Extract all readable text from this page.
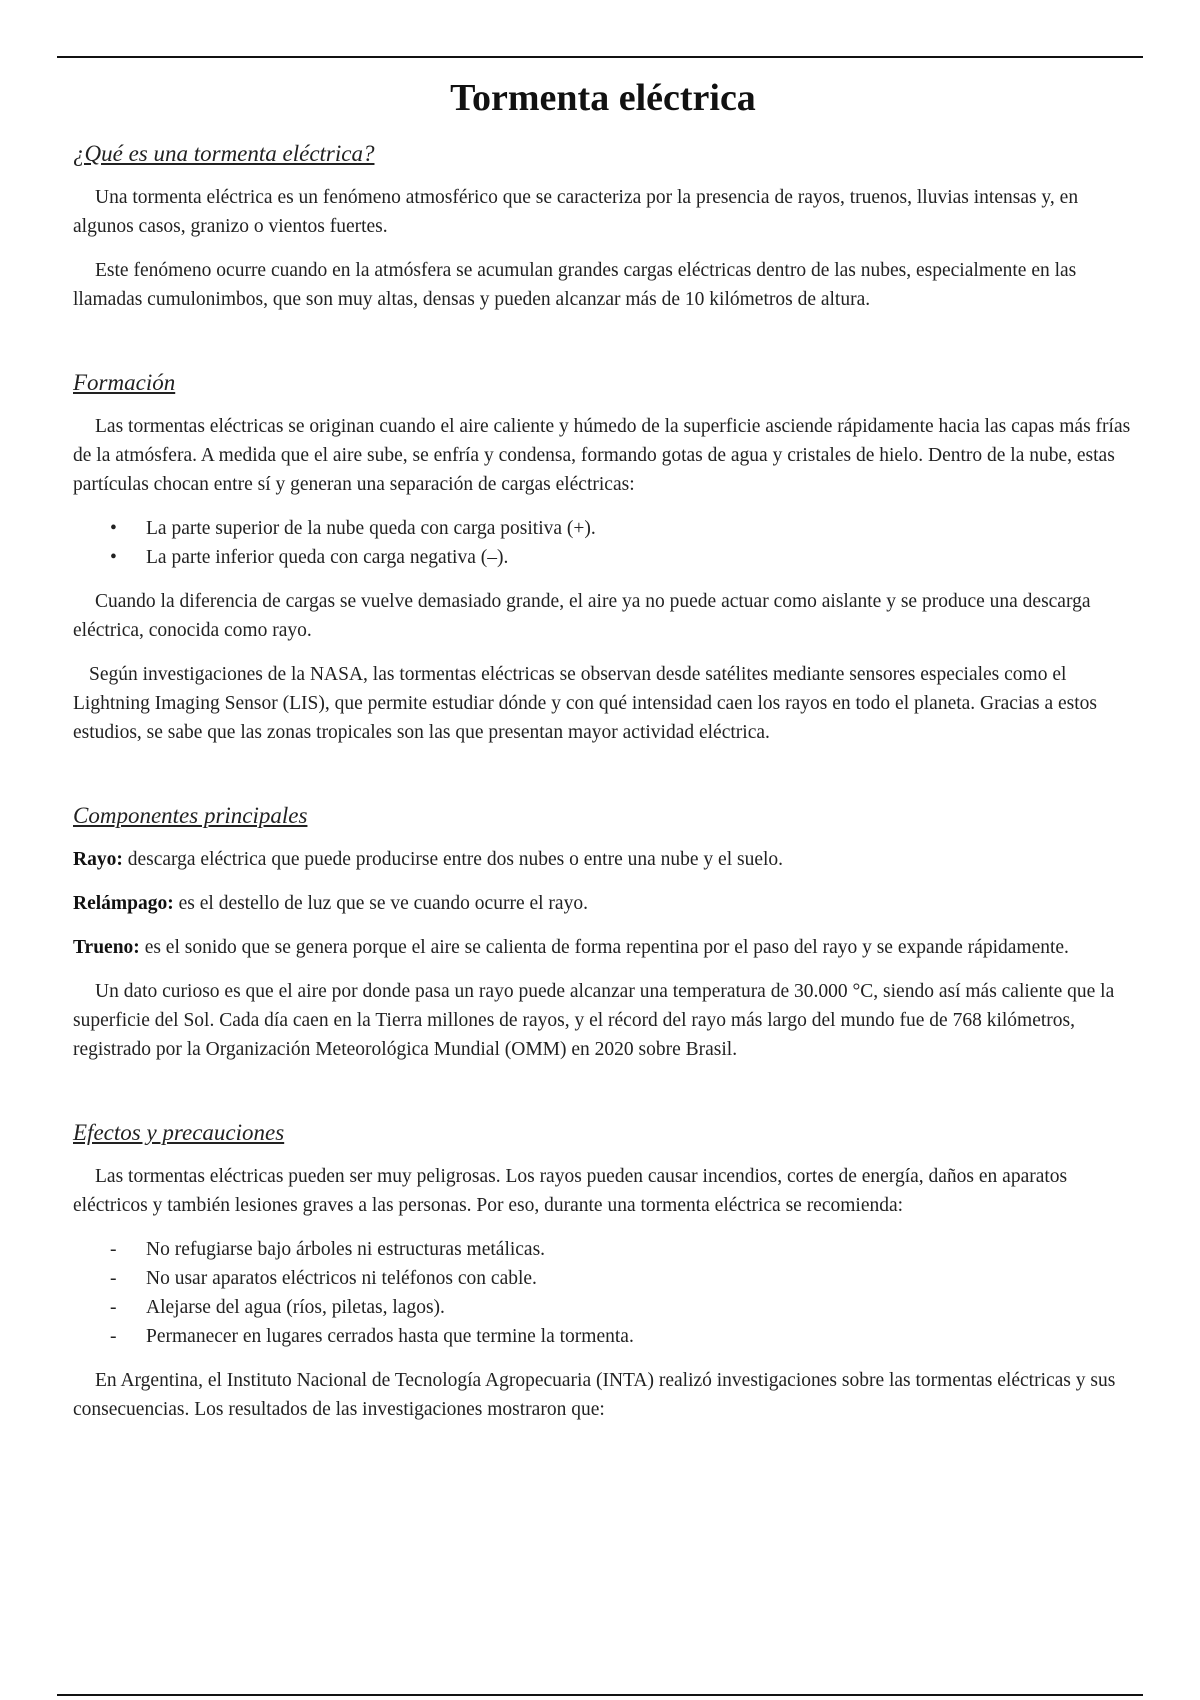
Tormenta eléctrica
¿Qué es una tormenta eléctrica?

Una tormenta eléctrica es un fenómeno atmosférico que se caracteriza por la presencia de rayos, truenos, lluvias intensas y, en algunos casos, granizo o vientos fuertes.

Este fenómeno ocurre cuando en la atmósfera se acumulan grandes cargas eléctricas dentro de las nubes, especialmente en las llamadas cumulonimbos, que son muy altas, densas y pueden alcanzar más de 10 kilómetros de altura.

Formación

Las tormentas eléctricas se originan cuando el aire caliente y húmedo de la superficie asciende rápidamente hacia las capas más frías de la atmósfera. A medida que el aire sube, se enfría y condensa, formando gotas de agua y cristales de hielo. Dentro de la nube, estas partículas chocan entre sí y generan una separación de cargas eléctricas:

• La parte superior de la nube queda con carga positiva (+).
• La parte inferior queda con carga negativa (–).

Cuando la diferencia de cargas se vuelve demasiado grande, el aire ya no puede actuar como aislante y se produce una descarga eléctrica, conocida como rayo.

Según investigaciones de la NASA, las tormentas eléctricas se observan desde satélites mediante sensores especiales como el Lightning Imaging Sensor (LIS), que permite estudiar dónde y con qué intensidad caen los rayos en todo el planeta. Gracias a estos estudios, se sabe que las zonas tropicales son las que presentan mayor actividad eléctrica.

Componentes principales

Rayo: descarga eléctrica que puede producirse entre dos nubes o entre una nube y el suelo.

Relámpago: es el destello de luz que se ve cuando ocurre el rayo.

Trueno: es el sonido que se genera porque el aire se calienta de forma repentina por el paso del rayo y se expande rápidamente.

Un dato curioso es que el aire por donde pasa un rayo puede alcanzar una temperatura de 30.000 °C, siendo así más caliente que la superficie del Sol. Cada día caen en la Tierra millones de rayos, y el récord del rayo más largo del mundo fue de 768 kilómetros, registrado por la Organización Meteorológica Mundial (OMM) en 2020 sobre Brasil.

Efectos y precauciones

Las tormentas eléctricas pueden ser muy peligrosas. Los rayos pueden causar incendios, cortes de energía, daños en aparatos eléctricos y también lesiones graves a las personas. Por eso, durante una tormenta eléctrica se recomienda:

- No refugiarse bajo árboles ni estructuras metálicas.
- No usar aparatos eléctricos ni teléfonos con cable.
- Alejarse del agua (ríos, piletas, lagos).
- Permanecer en lugares cerrados hasta que termine la tormenta.

En Argentina, el Instituto Nacional de Tecnología Agropecuaria (INTA) realizó investigaciones sobre las tormentas eléctricas y sus consecuencias. Los resultados de las investigaciones mostraron que:
